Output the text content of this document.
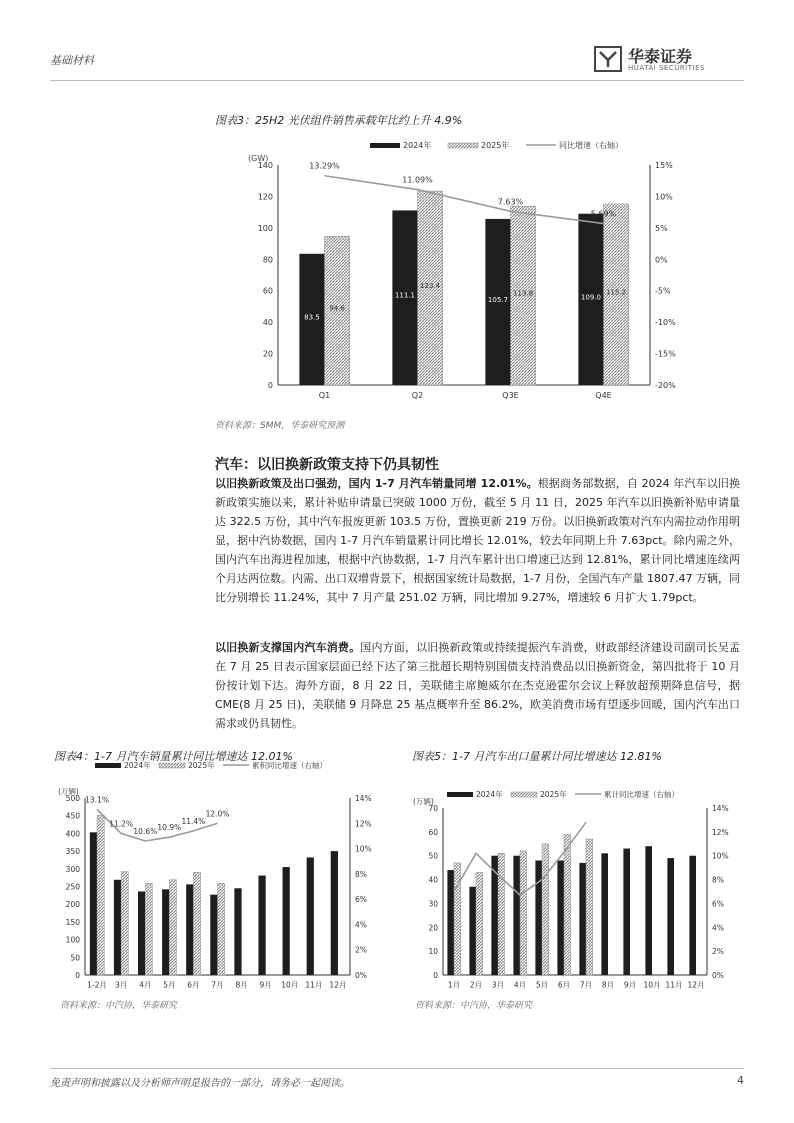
基础材料	华泰证券
HUATAI SECURITIES
图表3：25H2 光伏组件销售承载年比约上升 4.9%
(GW)
0
20
40
60
80
100
120
140
-20%
-15%
-10%
-5%
0%
5%
10%
15%
Q1
83.5
94.6
Q2
111.1
123.4
Q3E
105.7
113.8
Q4E
109.0
115.2
13.29%
11.09%
7.63%
5.69%
2024年	2025年	同比增速（右轴）
资料来源：SMM，华泰研究预测
汽车：以旧换新政策支持下仍具韧性
以旧换新政策及出口强劲，国内 1-7 月汽车销量同增 12.01%。根据商务部数据，自 2024 年汽车以旧换新政策实施以来，累计补贴申请量已突破 1000 万份，截至 5 月 11 日，2025 年汽车以旧换新补贴申请量达 322.5 万份，其中汽车报废更新 103.5 万份，置换更新 219 万份。以旧换新政策对汽车内需拉动作用明显，据中汽协数据，国内 1-7 月汽车销量累计同比增长 12.01%，较去年同期上升 7.63pct。除内需之外，国内汽车出海进程加速，根据中汽协数据，1-7 月汽车累计出口增速已达到 12.81%，累计同比增速连续两个月达两位数。内需、出口双增背景下，根据国家统计局数据，1-7 月份，全国汽车产量 1807.47 万辆，同比分别增长 11.24%，其中 7 月产量 251.02 万辆，同比增加 9.27%，增速较 6 月扩大 1.79pct。
以旧换新支撑国内汽车消费。国内方面，以旧换新政策或持续提振汽车消费，财政部经济建设司副司长吴孟在 7 月 25 日表示国家层面已经下达了第三批超长期特别国债支持消费品以旧换新资金，第四批将于 10 月份按计划下达。海外方面，8 月 22 日，美联储主席鲍威尔在杰克逊霍尔会议上释放超预期降息信号，据 CME(8 月 25 日)，美联储 9 月降息 25 基点概率升至 86.2%，欧美消费市场有望逐步回暖，国内汽车出口需求或仍具韧性。
图表4：1-7 月汽车销量累计同比增速达 12.01%
(万辆)
0
50
100
150
200
250
300
350
400
450
500
0%
2%
4%
6%
8%
10%
12%
14%
1-2月 3月 4月 5月 6月 7月 8月 9月 10月 11月 12月
13.1%
11.2%
10.6% 10.9%
11.4%
12.0%
2024年	2025年	累积同比增速（右轴）
资料来源：中汽协，华泰研究
图表5：1-7 月汽车出口量累计同比增速达 12.81%
(万辆)
0
10
20
30
40
50
60
70
0%
2%
4%
6%
8%
10%
12%
14%
1月 2月 3月 4月 5月 6月 7月 8月 9月 10月 11月 12月
2024年	2025年	累计同比增速（右轴）
资料来源：中汽协，华泰研究
免责声明和披露以及分析师声明是报告的一部分，请务必一起阅读。	4
